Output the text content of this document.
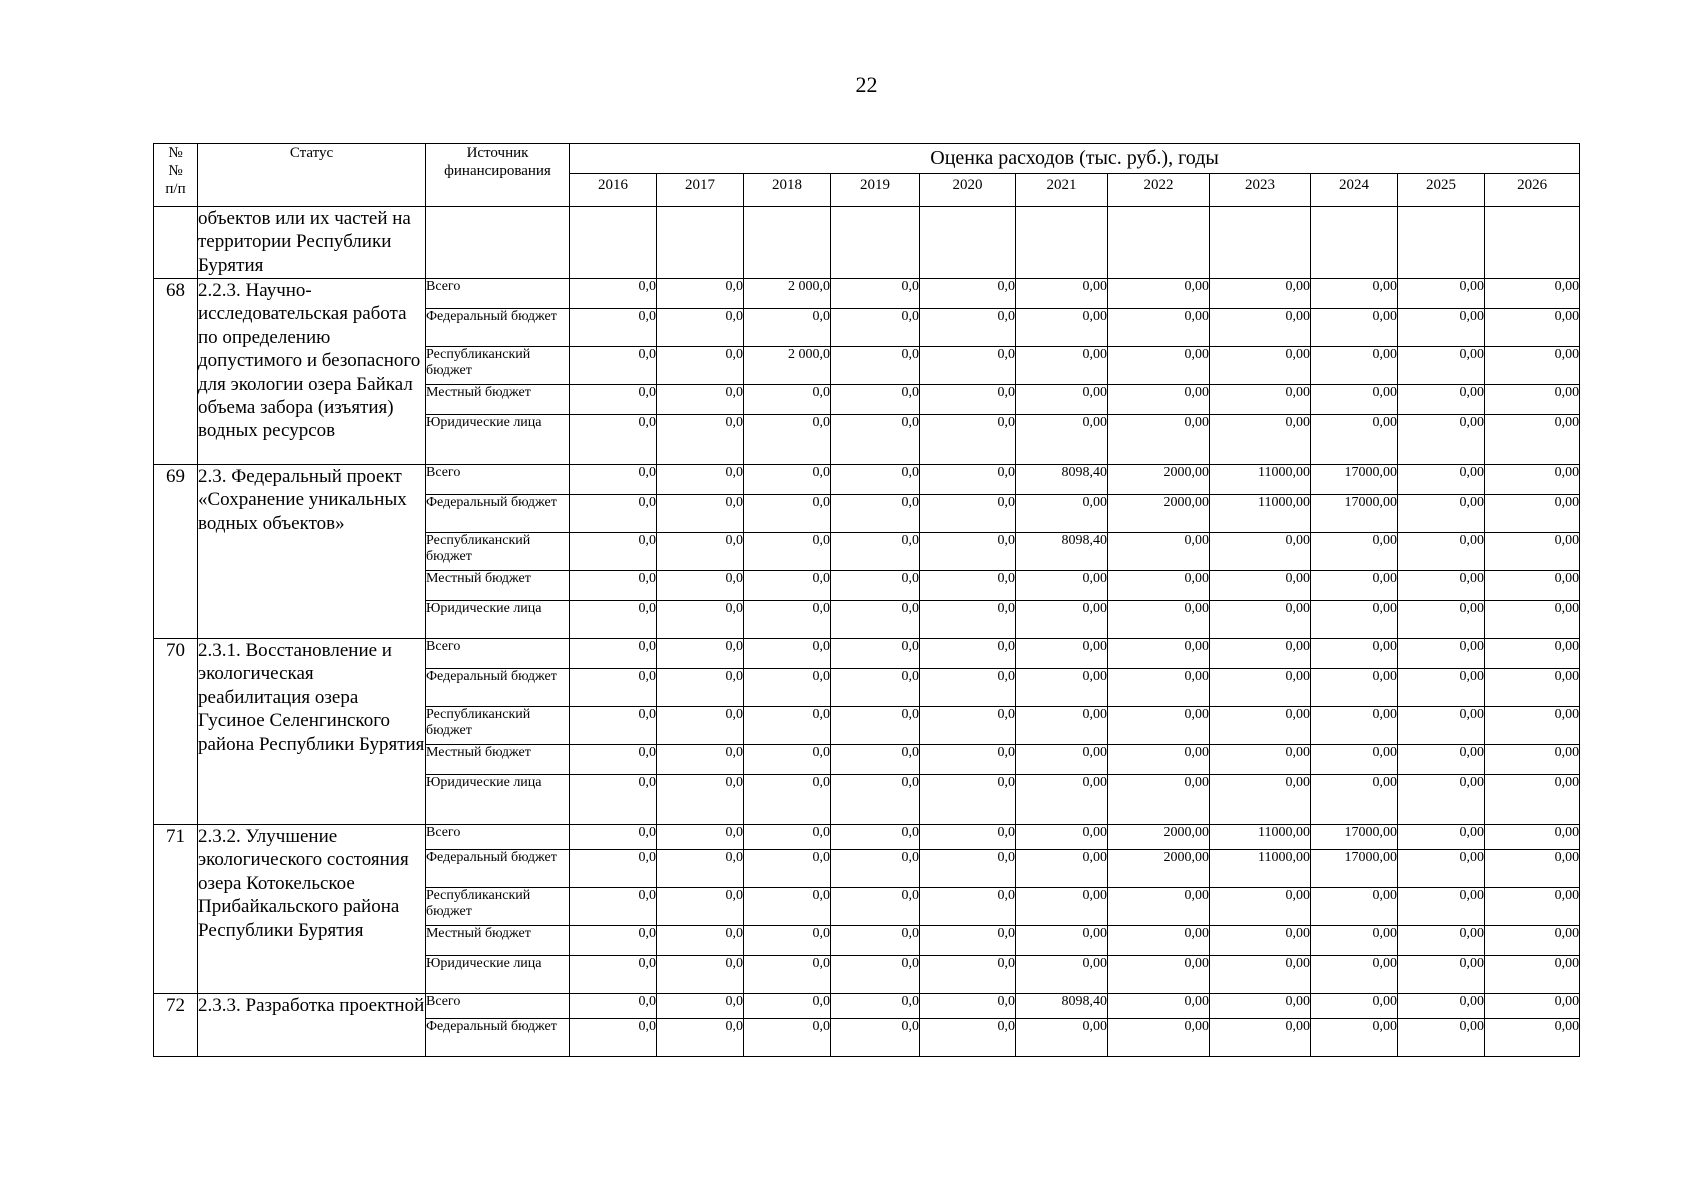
22
№
№
п/п	Статус	Источник финансирования	Оценка расходов (тыс. руб.), годы										
			2016	2017	2018	2019	2020	2021	2022	2023	2024	2025	2026
	объектов или их частей на территории Республики Бурятия												
68	2.2.3. Научно-исследовательская работа по определению допустимого и безопасного для экологии озера Байкал объема забора (изъятия) водных ресурсов	Всего	0,0	0,0	2 000,0	0,0	0,0	0,00	0,00	0,00	0,00	0,00	0,00
		Федеральный бюджет	0,0	0,0	0,0	0,0	0,0	0,00	0,00	0,00	0,00	0,00	0,00
		Республиканский бюджет	0,0	0,0	2 000,0	0,0	0,0	0,00	0,00	0,00	0,00	0,00	0,00
		Местный бюджет	0,0	0,0	0,0	0,0	0,0	0,00	0,00	0,00	0,00	0,00	0,00
		Юридические лица	0,0	0,0	0,0	0,0	0,0	0,00	0,00	0,00	0,00	0,00	0,00
69	2.3. Федеральный проект «Сохранение уникальных водных объектов»	Всего	0,0	0,0	0,0	0,0	0,0	8098,40	2000,00	11000,00	17000,00	0,00	0,00
		Федеральный бюджет	0,0	0,0	0,0	0,0	0,0	0,00	2000,00	11000,00	17000,00	0,00	0,00
		Республиканский бюджет	0,0	0,0	0,0	0,0	0,0	8098,40	0,00	0,00	0,00	0,00	0,00
		Местный бюджет	0,0	0,0	0,0	0,0	0,0	0,00	0,00	0,00	0,00	0,00	0,00
		Юридические лица	0,0	0,0	0,0	0,0	0,0	0,00	0,00	0,00	0,00	0,00	0,00
70	2.3.1. Восстановление и экологическая реабилитация озера Гусиное Селенгинского района Республики Бурятия	Всего	0,0	0,0	0,0	0,0	0,0	0,00	0,00	0,00	0,00	0,00	0,00
		Федеральный бюджет	0,0	0,0	0,0	0,0	0,0	0,00	0,00	0,00	0,00	0,00	0,00
		Республиканский бюджет	0,0	0,0	0,0	0,0	0,0	0,00	0,00	0,00	0,00	0,00	0,00
		Местный бюджет	0,0	0,0	0,0	0,0	0,0	0,00	0,00	0,00	0,00	0,00	0,00
		Юридические лица	0,0	0,0	0,0	0,0	0,0	0,00	0,00	0,00	0,00	0,00	0,00
71	2.3.2. Улучшение экологического состояния озера Котокельское Прибайкальского района Республики Бурятия	Всего	0,0	0,0	0,0	0,0	0,0	0,00	2000,00	11000,00	17000,00	0,00	0,00
		Федеральный бюджет	0,0	0,0	0,0	0,0	0,0	0,00	2000,00	11000,00	17000,00	0,00	0,00
		Республиканский бюджет	0,0	0,0	0,0	0,0	0,0	0,00	0,00	0,00	0,00	0,00	0,00
		Местный бюджет	0,0	0,0	0,0	0,0	0,0	0,00	0,00	0,00	0,00	0,00	0,00
		Юридические лица	0,0	0,0	0,0	0,0	0,0	0,00	0,00	0,00	0,00	0,00	0,00
72	2.3.3. Разработка проектной	Всего	0,0	0,0	0,0	0,0	0,0	8098,40	0,00	0,00	0,00	0,00	0,00
		Федеральный бюджет	0,0	0,0	0,0	0,0	0,0	0,00	0,00	0,00	0,00	0,00	0,00
